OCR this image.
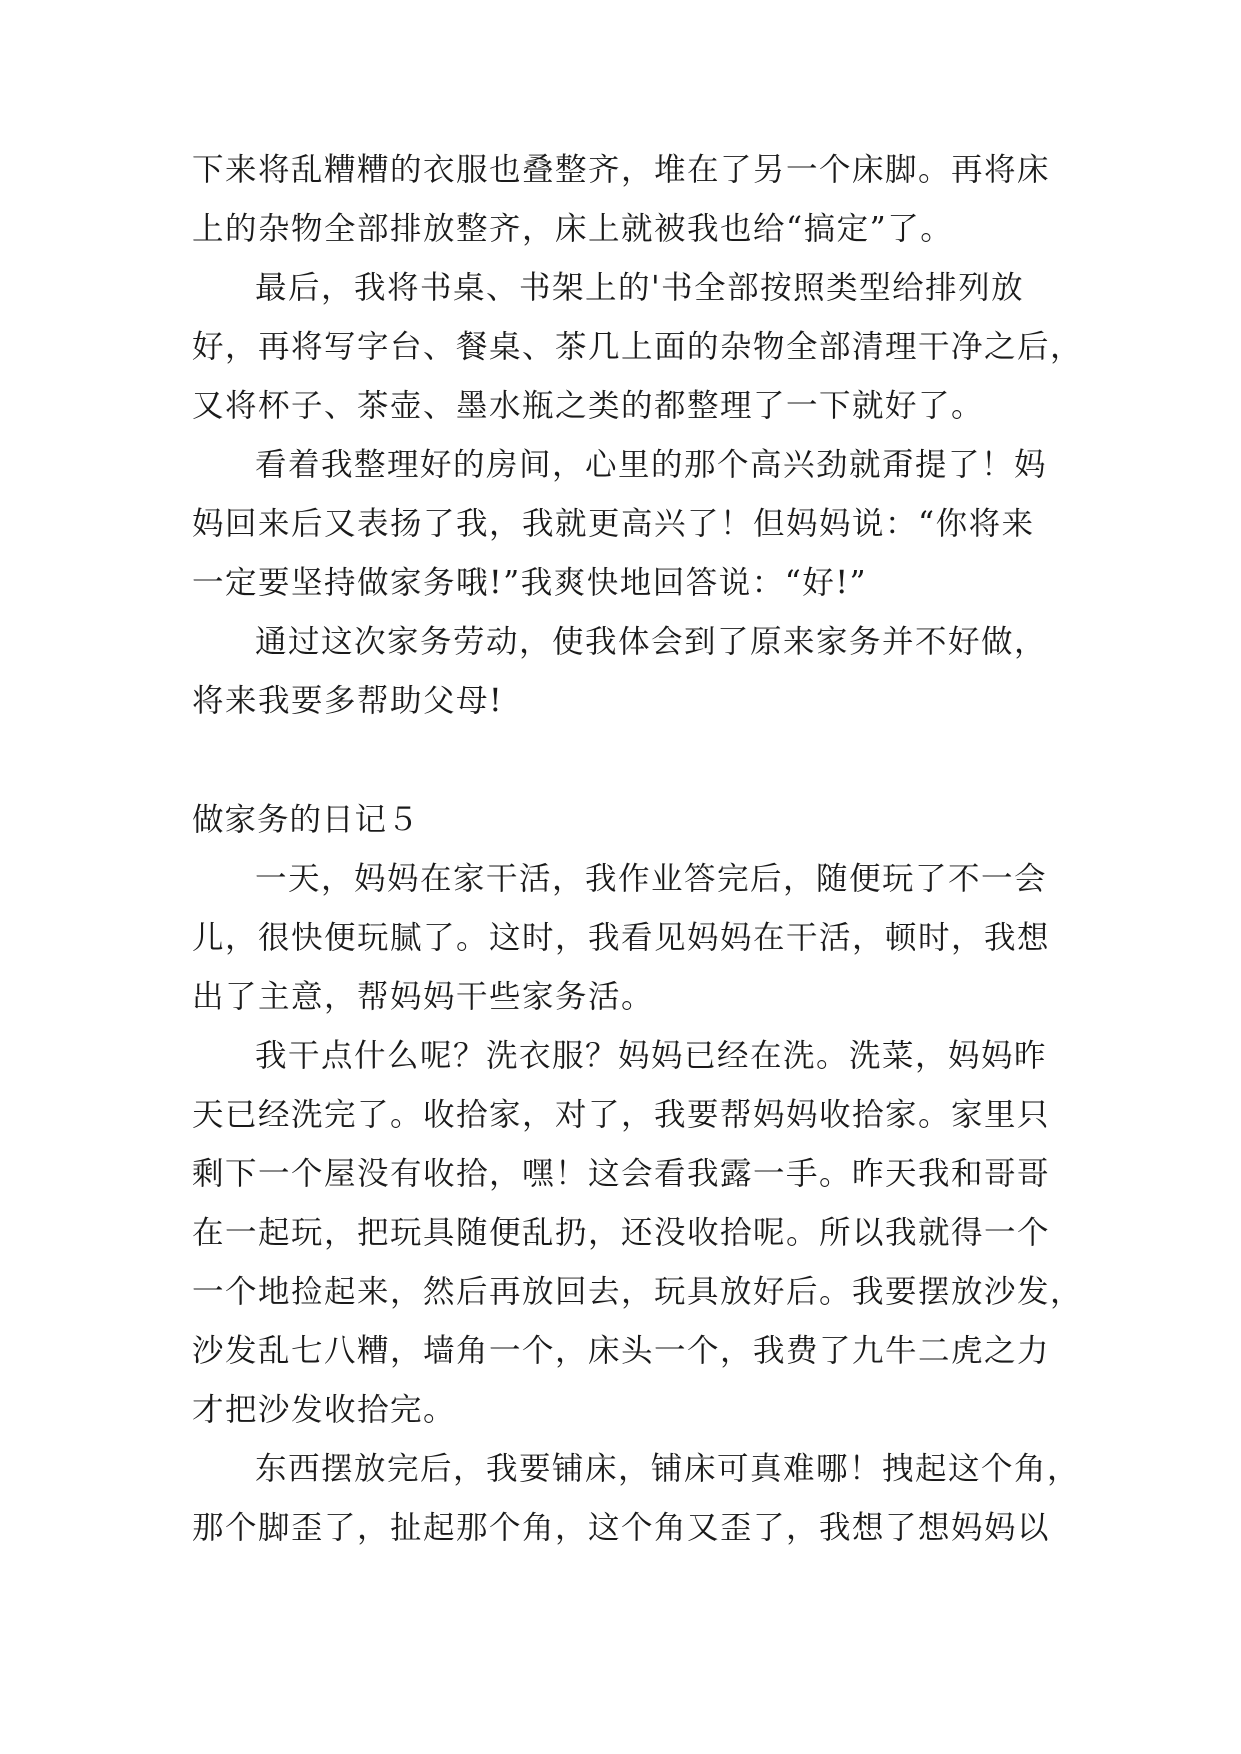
下来将乱糟糟的衣服也叠整齐，堆在了另一个床脚。再将床
上的杂物全部排放整齐，床上就被我也给“搞定”了。
最后，我将书桌、书架上的'书全部按照类型给排列放
好，再将写字台、餐桌、茶几上面的杂物全部清理干净之后，
又将杯子、茶壶、墨水瓶之类的都整理了一下就好了。
看着我整理好的房间，心里的那个高兴劲就甭提了！妈
妈回来后又表扬了我，我就更高兴了！但妈妈说：“你将来
一定要坚持做家务哦!”我爽快地回答说：“好!”
通过这次家务劳动，使我体会到了原来家务并不好做，
将来我要多帮助父母!
做家务的日记５
一天，妈妈在家干活，我作业答完后，随便玩了不一会
儿，很快便玩腻了。这时，我看见妈妈在干活，顿时，我想
出了主意，帮妈妈干些家务活。
我干点什么呢？洗衣服？妈妈已经在洗。洗菜，妈妈昨
天已经洗完了。收拾家，对了，我要帮妈妈收拾家。家里只
剩下一个屋没有收拾，嘿！这会看我露一手。昨天我和哥哥
在一起玩，把玩具随便乱扔，还没收拾呢。所以我就得一个
一个地捡起来，然后再放回去，玩具放好后。我要摆放沙发，
沙发乱七八糟，墙角一个，床头一个，我费了九牛二虎之力
才把沙发收拾完。
东西摆放完后，我要铺床，铺床可真难哪！拽起这个角，
那个脚歪了，扯起那个角，这个角又歪了，我想了想妈妈以
